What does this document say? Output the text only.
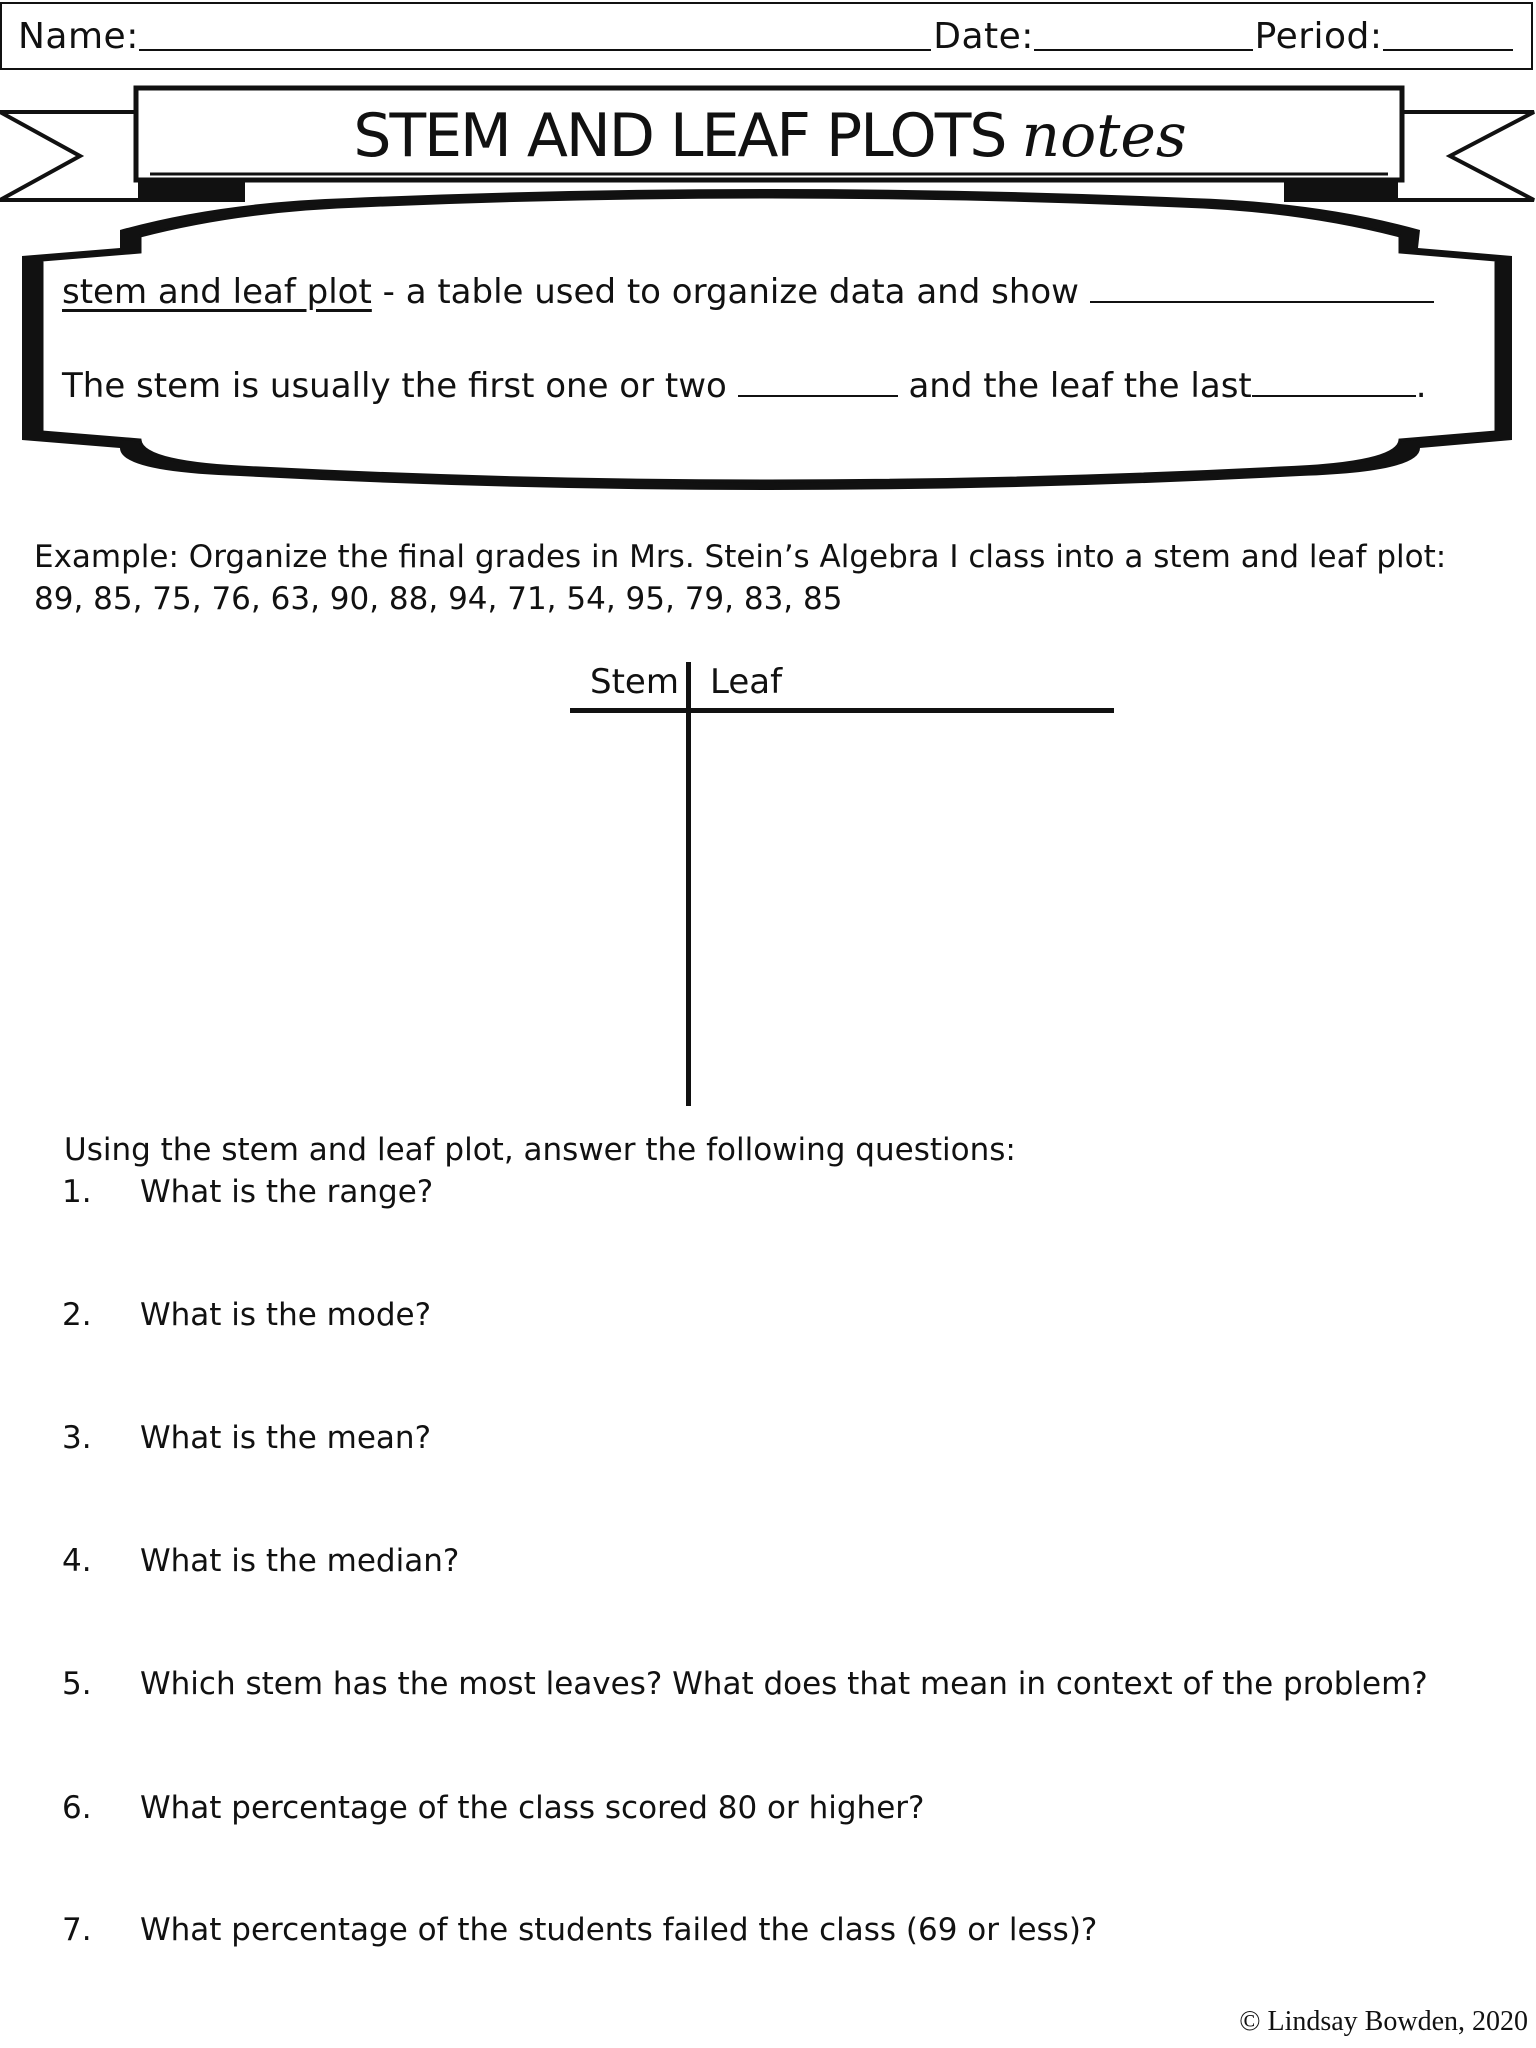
Name:	Date:	Period:
STEM AND LEAF PLOTS notes
stem and leaf plot - a table used to organize data and show
The stem is usually the first one or two	and the leaf the last	.
Example: Organize the final grades in Mrs. Stein’s Algebra I class into a stem and leaf plot:
89, 85, 75, 76, 63, 90, 88, 94, 71, 54, 95, 79, 83, 85
Stem Leaf
Using the stem and leaf plot, answer the following questions:
1.	What is the range?
2.	What is the mode?
3.	What is the mean?
4.	What is the median?
5.	Which stem has the most leaves? What does that mean in context of the problem?
6.	What percentage of the class scored 80 or higher?
7.	What percentage of the students failed the class (69 or less)?
© Lindsay Bowden, 2020
